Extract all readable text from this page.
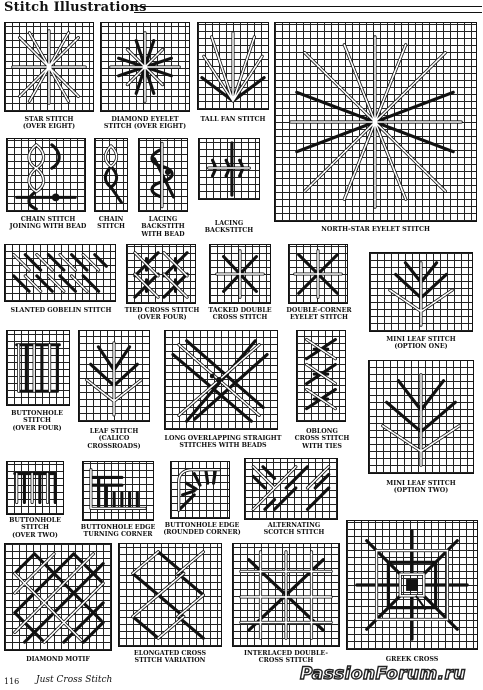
Stitch Illustrations
STAR STITCH
(OVER EIGHT)
DIAMOND EYELET
STITCH (OVER EIGHT)
TALL FAN STITCH
NORTH-STAR EYELET STITCH
CHAIN STITCH
JOINING WITH BEAD
CHAIN
STITCH
LACING
BACKSTITH
WITH BEAD
LACING
BACKSTITCH
SLANTED GOBELIN STITCH	TIED CROSS STITCH
(OVER FOUR)
TACKED DOUBLE
CROSS STITCH
DOUBLE-CORNER
EYELET STITCH
MINI LEAF STITCH
(OPTION ONE)
BUTTONHOLE
STITCH
(OVER FOUR)	LEAF STITCH
(CALICO
CROSSROADS)
LONG OVERLAPPING STRAIGHT
STITCHES WITH BEADS
OBLONG
CROSS STITCH
WITH TIES
MINI LEAF STITCH
(OPTION TWO)
BUTTONHOLE
STITCH
(OVER TWO)
BUTTONHOLE EDGE
TURNING CORNER
BUTTONHOLE EDGE
(ROUNDED CORNER)
ALTERNATING
SCOTCH STITCH
DIAMOND MOTIF
ELONGATED CROSS
STITCH VARIATION
INTERLACED DOUBLE-
CROSS STITCH	GREEK CROSS
116 Just Cross Stitch	PassionForum.ru
